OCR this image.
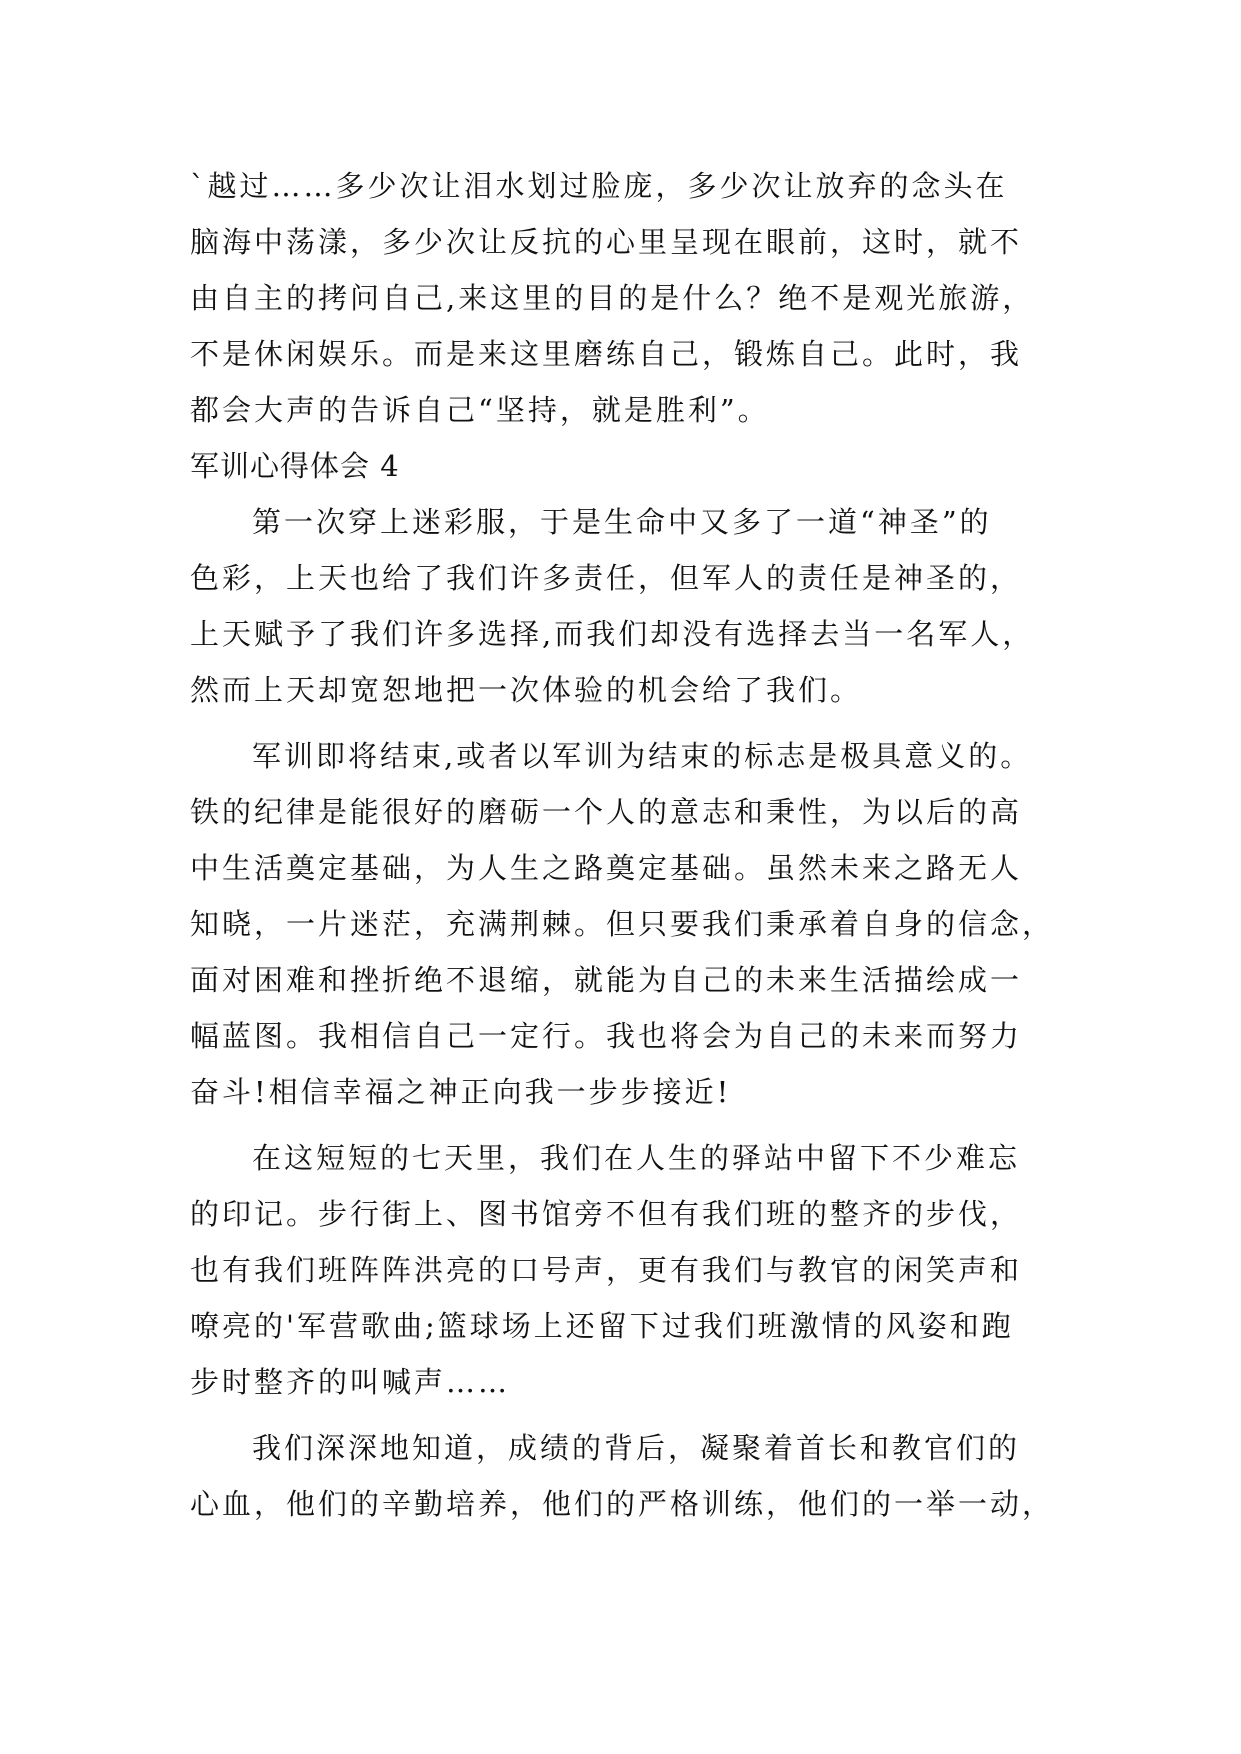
`越过……多少次让泪水划过脸庞，多少次让放弃的念头在
脑海中荡漾，多少次让反抗的心里呈现在眼前，这时，就不
由自主的拷问自己,来这里的目的是什么？绝不是观光旅游，
不是休闲娱乐。而是来这里磨练自己，锻炼自己。此时，我
都会大声的告诉自己“坚持，就是胜利”。
军训心得体会 4
第一次穿上迷彩服，于是生命中又多了一道“神圣”的
色彩，上天也给了我们许多责任，但军人的责任是神圣的，
上天赋予了我们许多选择,而我们却没有选择去当一名军人，
然而上天却宽恕地把一次体验的机会给了我们。
军训即将结束,或者以军训为结束的标志是极具意义的。
铁的纪律是能很好的磨砺一个人的意志和秉性，为以后的高
中生活奠定基础，为人生之路奠定基础。虽然未来之路无人
知晓，一片迷茫，充满荆棘。但只要我们秉承着自身的信念，
面对困难和挫折绝不退缩，就能为自己的未来生活描绘成一
幅蓝图。我相信自己一定行。我也将会为自己的未来而努力
奋斗!相信幸福之神正向我一步步接近!
在这短短的七天里，我们在人生的驿站中留下不少难忘
的印记。步行街上、图书馆旁不但有我们班的整齐的步伐，
也有我们班阵阵洪亮的口号声，更有我们与教官的闲笑声和
嘹亮的'军营歌曲;篮球场上还留下过我们班激情的风姿和跑
步时整齐的叫喊声……
我们深深地知道，成绩的背后，凝聚着首长和教官们的
心血，他们的辛勤培养，他们的严格训练，他们的一举一动，
